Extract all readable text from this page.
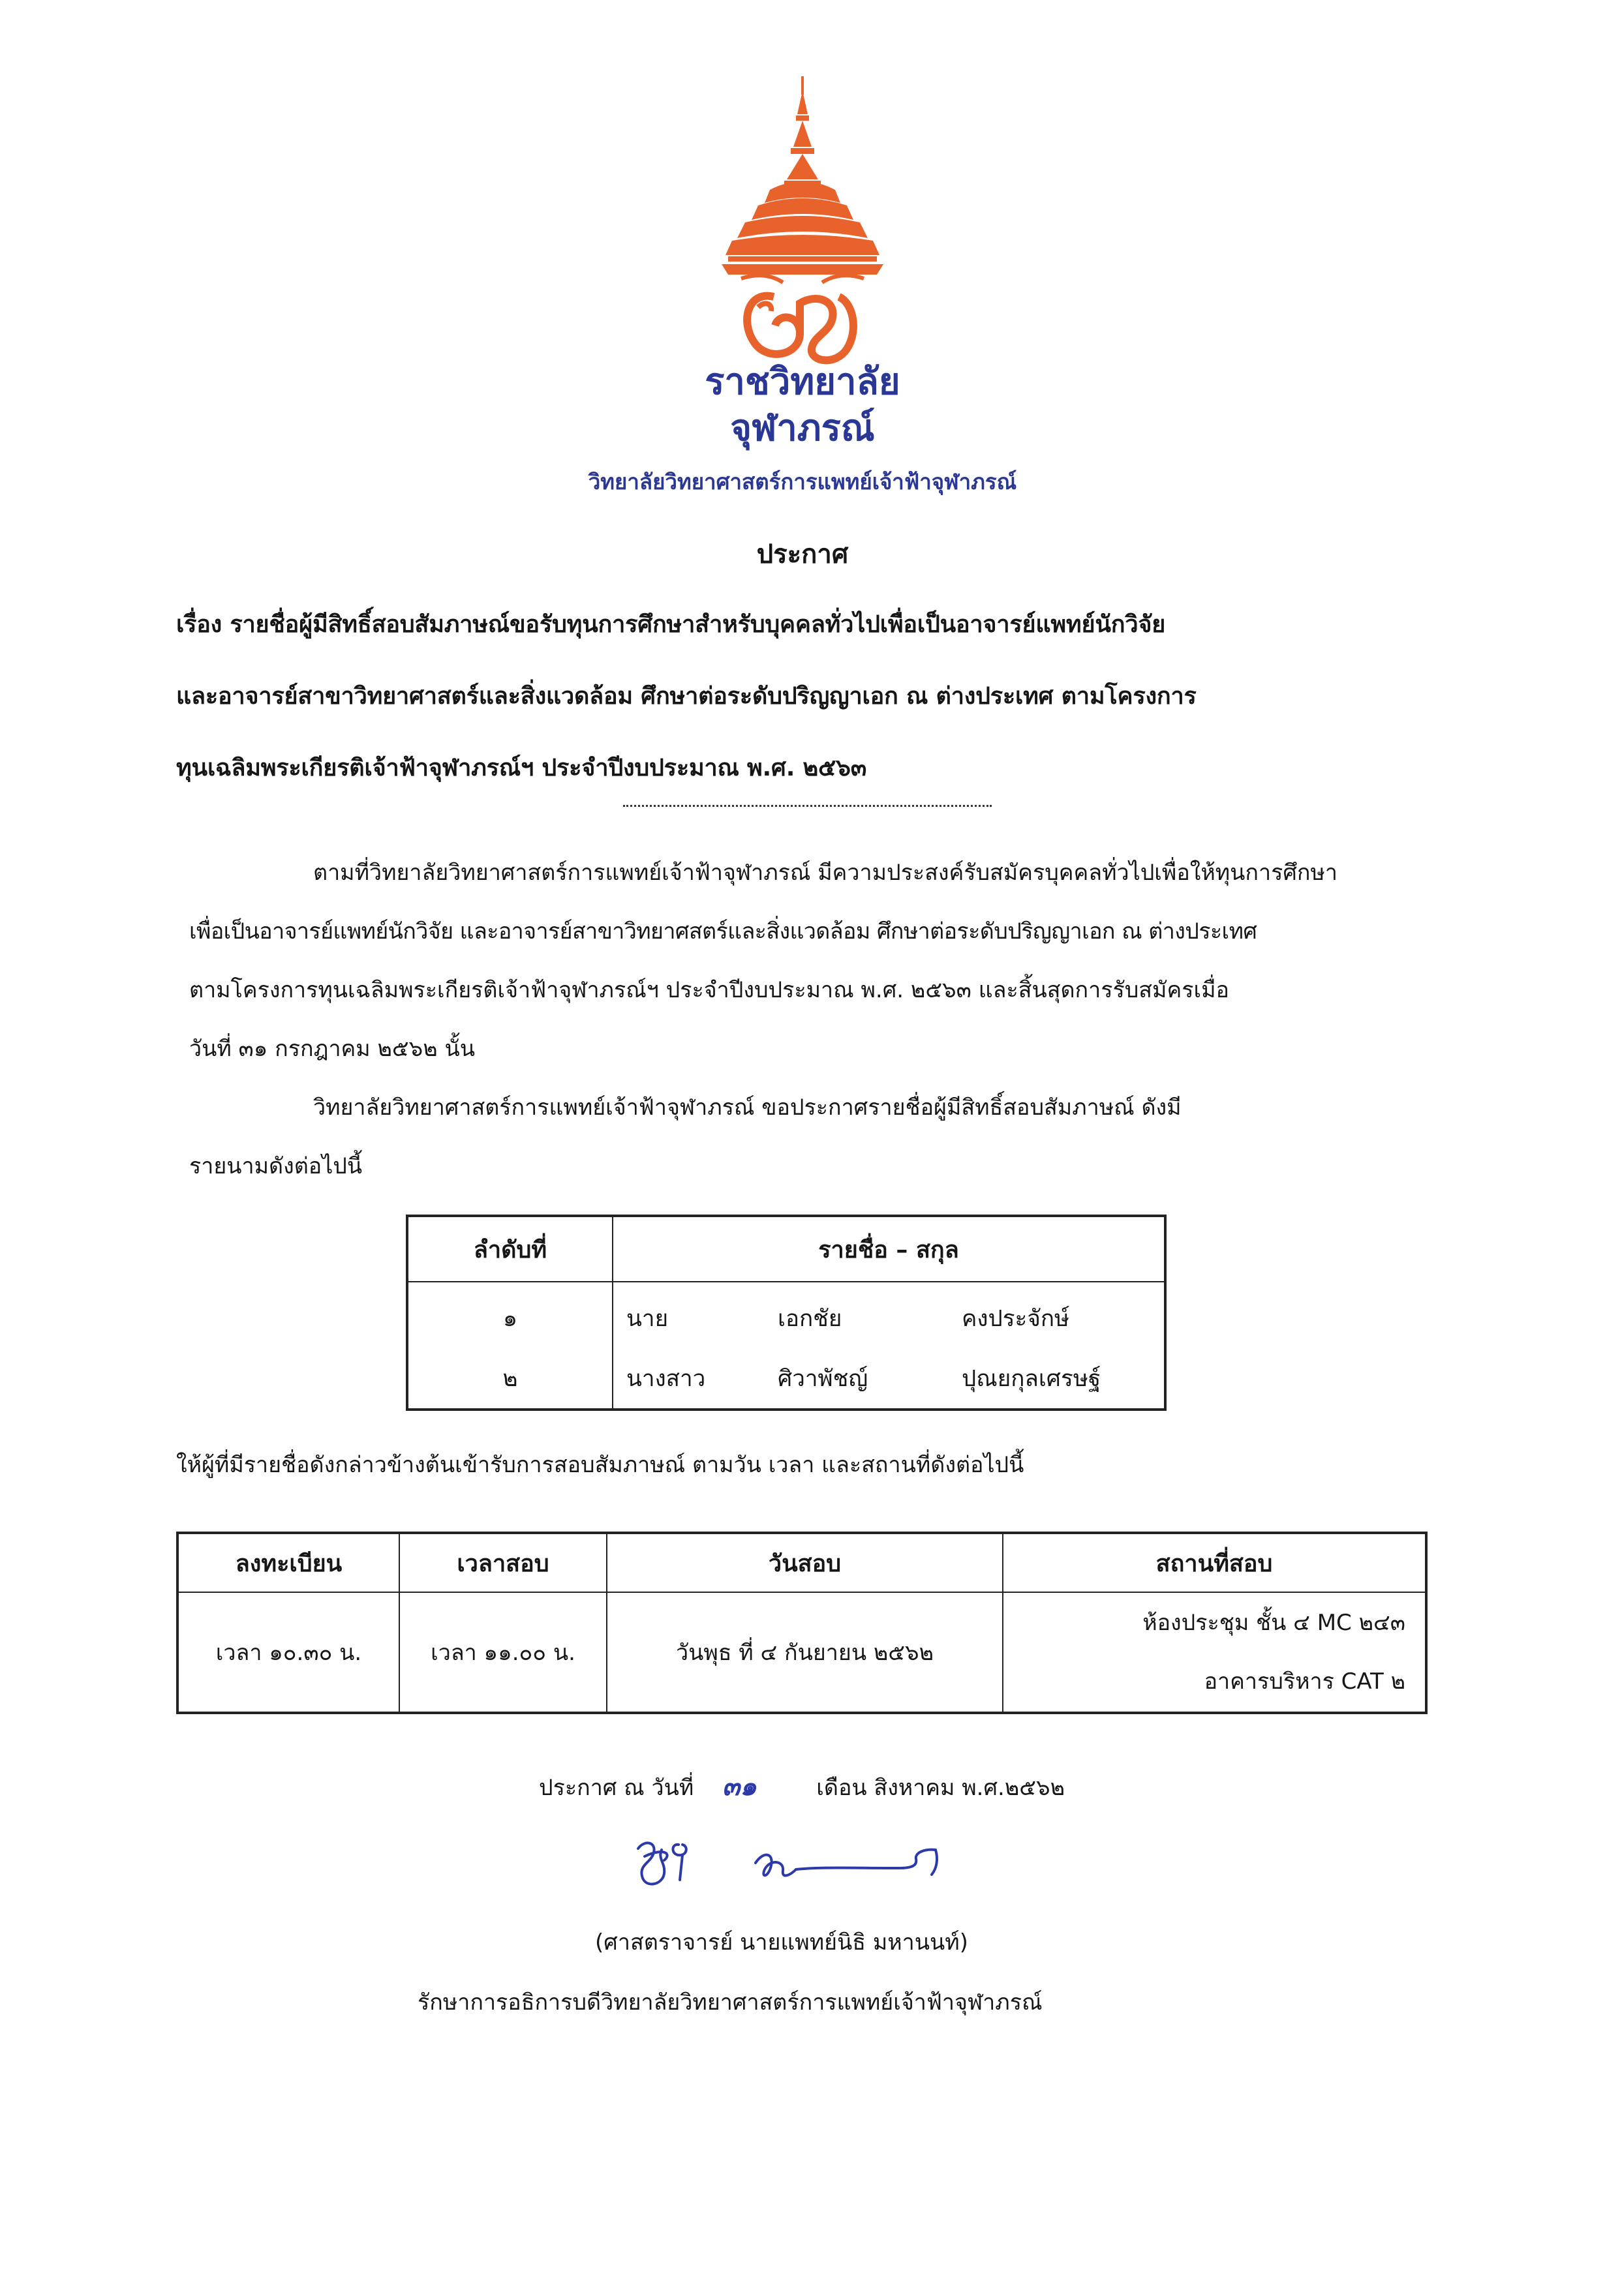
ราชวิทยาลัย
จุฬาภรณ์
วิทยาลัยวิทยาศาสตร์การแพทย์เจ้าฟ้าจุฬาภรณ์
ประกาศ
เรื่อง รายชื่อผู้มีสิทธิ์สอบสัมภาษณ์ขอรับทุนการศึกษาสำหรับบุคคลทั่วไปเพื่อเป็นอาจารย์แพทย์นักวิจัย
และอาจารย์สาขาวิทยาศาสตร์และสิ่งแวดล้อม ศึกษาต่อระดับปริญญาเอก ณ ต่างประเทศ ตามโครงการ
ทุนเฉลิมพระเกียรติเจ้าฟ้าจุฬาภรณ์ฯ ประจำปีงบประมาณ พ.ศ. ๒๕๖๓
ตามที่วิทยาลัยวิทยาศาสตร์การแพทย์เจ้าฟ้าจุฬาภรณ์ มีความประสงค์รับสมัครบุคคลทั่วไปเพื่อให้ทุนการศึกษา
เพื่อเป็นอาจารย์แพทย์นักวิจัย และอาจารย์สาขาวิทยาศสตร์และสิ่งแวดล้อม ศึกษาต่อระดับปริญญาเอก ณ ต่างประเทศ
ตามโครงการทุนเฉลิมพระเกียรติเจ้าฟ้าจุฬาภรณ์ฯ ประจำปีงบประมาณ พ.ศ. ๒๕๖๓ และสิ้นสุดการรับสมัครเมื่อ
วันที่ ๓๑ กรกฎาคม ๒๕๖๒ นั้น
วิทยาลัยวิทยาศาสตร์การแพทย์เจ้าฟ้าจุฬาภรณ์ ขอประกาศรายชื่อผู้มีสิทธิ์สอบสัมภาษณ์ ดังมี
รายนามดังต่อไปนี้
ลำดับที่	รายชื่อ – สกุล		
๑	นาย	เอกชัย	คงประจักษ์
๒	นางสาว	ศิวาพัชญ์	ปุณยกุลเศรษฐ์
ให้ผู้ที่มีรายชื่อดังกล่าวข้างต้นเข้ารับการสอบสัมภาษณ์ ตามวัน เวลา และสถานที่ดังต่อไปนี้
ลงทะเบียน	เวลาสอบ	วันสอบ	สถานที่สอบ
เวลา ๑๐.๓๐ น.	เวลา ๑๑.๐๐ น.	วันพุธ ที่ ๔ กันยายน ๒๕๖๒	ห้องประชุม ชั้น ๔ MC ๒๔๓
อาคารบริหาร CAT ๒
ประกาศ ณ วันที่ ๓๑	เดือน สิงหาคม พ.ศ.๒๕๖๒
(ศาสตราจารย์ นายแพทย์นิธิ มหานนท์)
รักษาการอธิการบดีวิทยาลัยวิทยาศาสตร์การแพทย์เจ้าฟ้าจุฬาภรณ์
